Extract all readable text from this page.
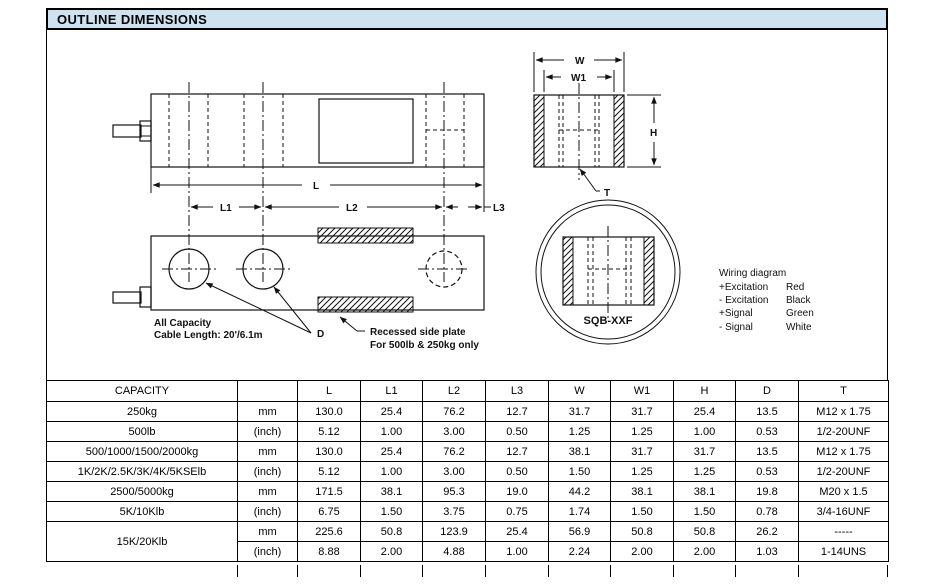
OUTLINE DIMENSIONS
L
L1	L2	L3
D
All Capacity
Cable Length: 20'/6.1m	Recessed side plate
For 500lb & 250kg only
W
W1
H
T
SQB-XXF
Wiring diagram
+Excitation Red
- Excitation Black
+Signal	Green
- Signal	White
CAPACITY		L	L1	L2	L3	W	W1	H	D	T
250kg	mm	130.0	25.4	76.2	12.7	31.7	31.7	25.4	13.5	M12 x 1.75
500lb	(inch)	5.12	1.00	3.00	0.50	1.25	1.25	1.00	0.53	1/2-20UNF
500/1000/1500/2000kg	mm	130.0	25.4	76.2	12.7	38.1	31.7	31.7	13.5	M12 x 1.75
1K/2K/2.5K/3K/4K/5KSElb	(inch)	5.12	1.00	3.00	0.50	1.50	1.25	1.25	0.53	1/2-20UNF
2500/5000kg	mm	171.5	38.1	95.3	19.0	44.2	38.1	38.1	19.8	M20 x 1.5
5K/10Klb	(inch)	6.75	1.50	3.75	0.75	1.74	1.50	1.50	0.78	3/4-16UNF
15K/20Klb	mm	225.6	50.8	123.9	25.4	56.9	50.8	50.8	26.2	-----
	(inch)	8.88	2.00	4.88	1.00	2.24	2.00	2.00	1.03	1-14UNS
